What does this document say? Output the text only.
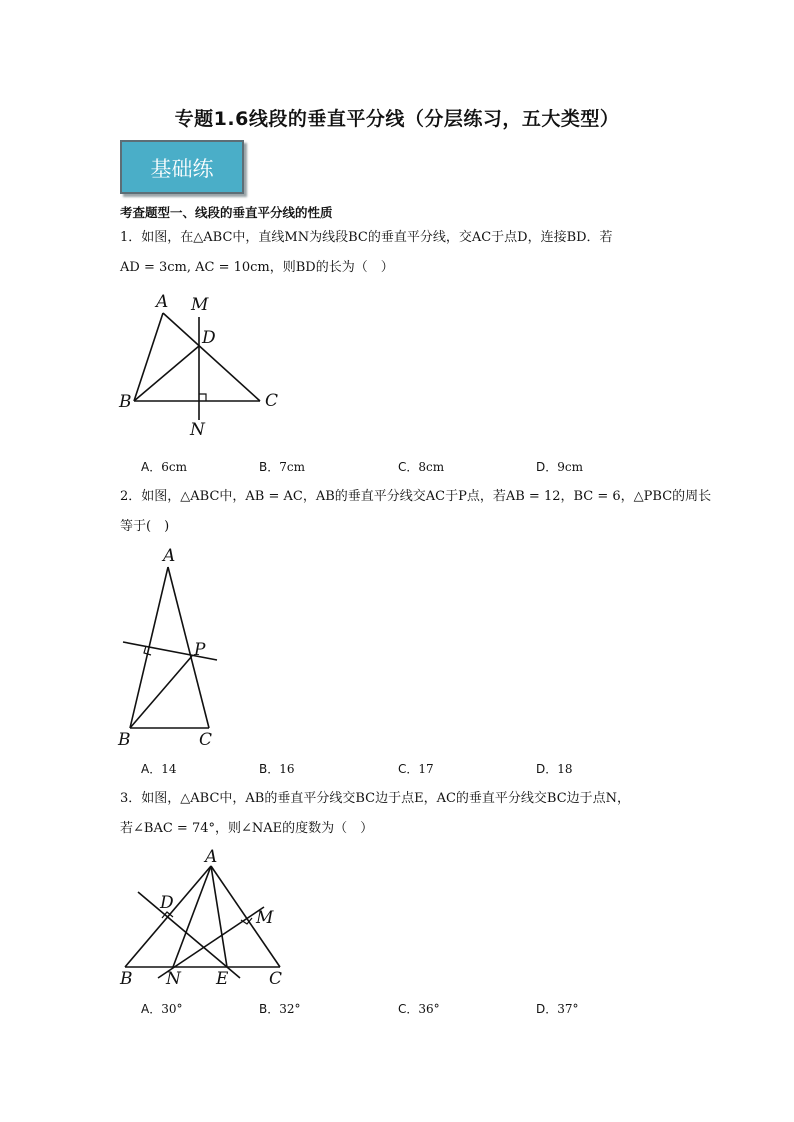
专题1.6线段的垂直平分线（分层练习，五大类型）
基础练
考查题型一、线段的垂直平分线的性质
1．如图，在△ABC中，直线MN为线段BC的垂直平分线，交AC于点D，连接BD．若
AD = 3cm, AC = 10cm，则BD的长为（　）
A M
D
B	C
N
A．6cm	B．7cm	C．8cm	D．9cm
2．如图，△ABC中，AB = AC，AB的垂直平分线交AC于P点，若AB = 12，BC = 6，△PBC的周长
等于(　)
A
P
B	C
A．14	B．16	C．17	D．18
3．如图，△ABC中，AB的垂直平分线交BC边于点E，AC的垂直平分线交BC边于点N，
若∠BAC = 74°，则∠NAE的度数为（　）
A
D
M
B N E C
A．30°	B．32°	C．36°	D．37°
